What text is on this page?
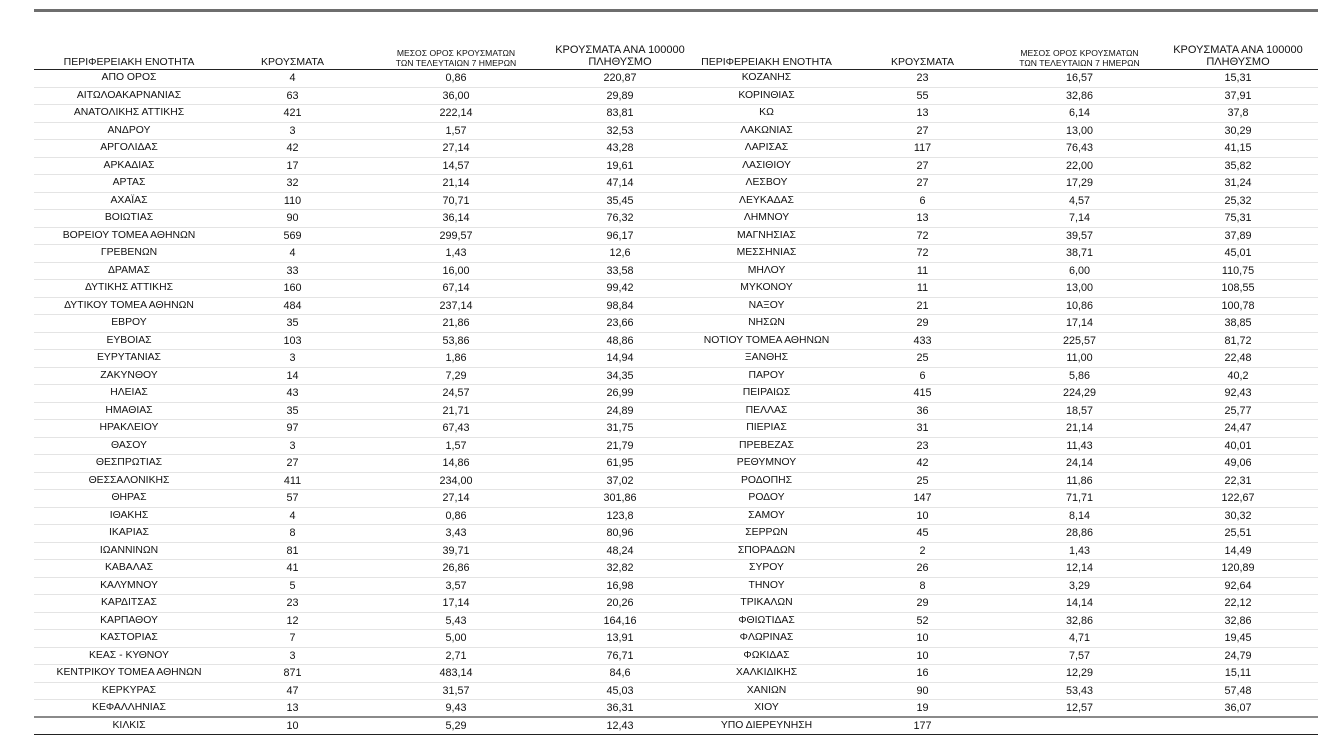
ΠΕΡΙΦΕΡΕΙΑΚΗ ΕΝΟΤΗΤΑ	ΚΡΟΥΣΜΑΤΑ	ΜΕΣΟΣ ΟΡΟΣ ΚΡΟΥΣΜΑΤΩΝ
ΤΩΝ ΤΕΛΕΥΤΑΙΩΝ 7 ΗΜΕΡΩΝ	ΚΡΟΥΣΜΑΤΑ ΑΝΑ 100000
ΠΛΗΘΥΣΜΟ
ΑΠΟ ΟΡΟΣ	4	0,86	220,87
ΑΙΤΩΛΟΑΚΑΡΝΑΝΙΑΣ	63	36,00	29,89
ΑΝΑΤΟΛΙΚΗΣ ΑΤΤΙΚΗΣ	421	222,14	83,81
ΑΝΔΡΟΥ	3	1,57	32,53
ΑΡΓΟΛΙΔΑΣ	42	27,14	43,28
ΑΡΚΑΔΙΑΣ	17	14,57	19,61
ΑΡΤΑΣ	32	21,14	47,14
ΑΧΑΪΑΣ	110	70,71	35,45
ΒΟΙΩΤΙΑΣ	90	36,14	76,32
ΒΟΡΕΙΟΥ ΤΟΜΕΑ ΑΘΗΝΩΝ	569	299,57	96,17
ΓΡΕΒΕΝΩΝ	4	1,43	12,6
ΔΡΑΜΑΣ	33	16,00	33,58
ΔΥΤΙΚΗΣ ΑΤΤΙΚΗΣ	160	67,14	99,42
ΔΥΤΙΚΟΥ ΤΟΜΕΑ ΑΘΗΝΩΝ	484	237,14	98,84
ΕΒΡΟΥ	35	21,86	23,66
ΕΥΒΟΙΑΣ	103	53,86	48,86
ΕΥΡΥΤΑΝΙΑΣ	3	1,86	14,94
ΖΑΚΥΝΘΟΥ	14	7,29	34,35
ΗΛΕΙΑΣ	43	24,57	26,99
ΗΜΑΘΙΑΣ	35	21,71	24,89
ΗΡΑΚΛΕΙΟΥ	97	67,43	31,75
ΘΑΣΟΥ	3	1,57	21,79
ΘΕΣΠΡΩΤΙΑΣ	27	14,86	61,95
ΘΕΣΣΑΛΟΝΙΚΗΣ	411	234,00	37,02
ΘΗΡΑΣ	57	27,14	301,86
ΙΘΑΚΗΣ	4	0,86	123,8
ΙΚΑΡΙΑΣ	8	3,43	80,96
ΙΩΑΝΝΙΝΩΝ	81	39,71	48,24
ΚΑΒΑΛΑΣ	41	26,86	32,82
ΚΑΛΥΜΝΟΥ	5	3,57	16,98
ΚΑΡΔΙΤΣΑΣ	23	17,14	20,26
ΚΑΡΠΑΘΟΥ	12	5,43	164,16
ΚΑΣΤΟΡΙΑΣ	7	5,00	13,91
ΚΕΑΣ - ΚΥΘΝΟΥ	3	2,71	76,71
ΚΕΝΤΡΙΚΟΥ ΤΟΜΕΑ ΑΘΗΝΩΝ	871	483,14	84,6
ΚΕΡΚΥΡΑΣ	47	31,57	45,03
ΚΕΦΑΛΛΗΝΙΑΣ	13	9,43	36,31
ΚΙΛΚΙΣ	10	5,29	12,43
ΠΕΡΙΦΕΡΕΙΑΚΗ ΕΝΟΤΗΤΑ	ΚΡΟΥΣΜΑΤΑ	ΜΕΣΟΣ ΟΡΟΣ ΚΡΟΥΣΜΑΤΩΝ
ΤΩΝ ΤΕΛΕΥΤΑΙΩΝ 7 ΗΜΕΡΩΝ	ΚΡΟΥΣΜΑΤΑ ΑΝΑ 100000
ΠΛΗΘΥΣΜΟ
ΚΟΖΑΝΗΣ	23	16,57	15,31
ΚΟΡΙΝΘΙΑΣ	55	32,86	37,91
ΚΩ	13	6,14	37,8
ΛΑΚΩΝΙΑΣ	27	13,00	30,29
ΛΑΡΙΣΑΣ	117	76,43	41,15
ΛΑΣΙΘΙΟΥ	27	22,00	35,82
ΛΕΣΒΟΥ	27	17,29	31,24
ΛΕΥΚΑΔΑΣ	6	4,57	25,32
ΛΗΜΝΟΥ	13	7,14	75,31
ΜΑΓΝΗΣΙΑΣ	72	39,57	37,89
ΜΕΣΣΗΝΙΑΣ	72	38,71	45,01
ΜΗΛΟΥ	11	6,00	110,75
ΜΥΚΟΝΟΥ	11	13,00	108,55
ΝΑΞΟΥ	21	10,86	100,78
ΝΗΣΩΝ	29	17,14	38,85
ΝΟΤΙΟΥ ΤΟΜΕΑ ΑΘΗΝΩΝ	433	225,57	81,72
ΞΑΝΘΗΣ	25	11,00	22,48
ΠΑΡΟΥ	6	5,86	40,2
ΠΕΙΡΑΙΩΣ	415	224,29	92,43
ΠΕΛΛΑΣ	36	18,57	25,77
ΠΙΕΡΙΑΣ	31	21,14	24,47
ΠΡΕΒΕΖΑΣ	23	11,43	40,01
ΡΕΘΥΜΝΟΥ	42	24,14	49,06
ΡΟΔΟΠΗΣ	25	11,86	22,31
ΡΟΔΟΥ	147	71,71	122,67
ΣΑΜΟΥ	10	8,14	30,32
ΣΕΡΡΩΝ	45	28,86	25,51
ΣΠΟΡΑΔΩΝ	2	1,43	14,49
ΣΥΡΟΥ	26	12,14	120,89
ΤΗΝΟΥ	8	3,29	92,64
ΤΡΙΚΑΛΩΝ	29	14,14	22,12
ΦΘΙΩΤΙΔΑΣ	52	32,86	32,86
ΦΛΩΡΙΝΑΣ	10	4,71	19,45
ΦΩΚΙΔΑΣ	10	7,57	24,79
ΧΑΛΚΙΔΙΚΗΣ	16	12,29	15,11
ΧΑΝΙΩΝ	90	53,43	57,48
ΧΙΟΥ	19	12,57	36,07
ΥΠΟ ΔΙΕΡΕΥΝΗΣΗ	177		
